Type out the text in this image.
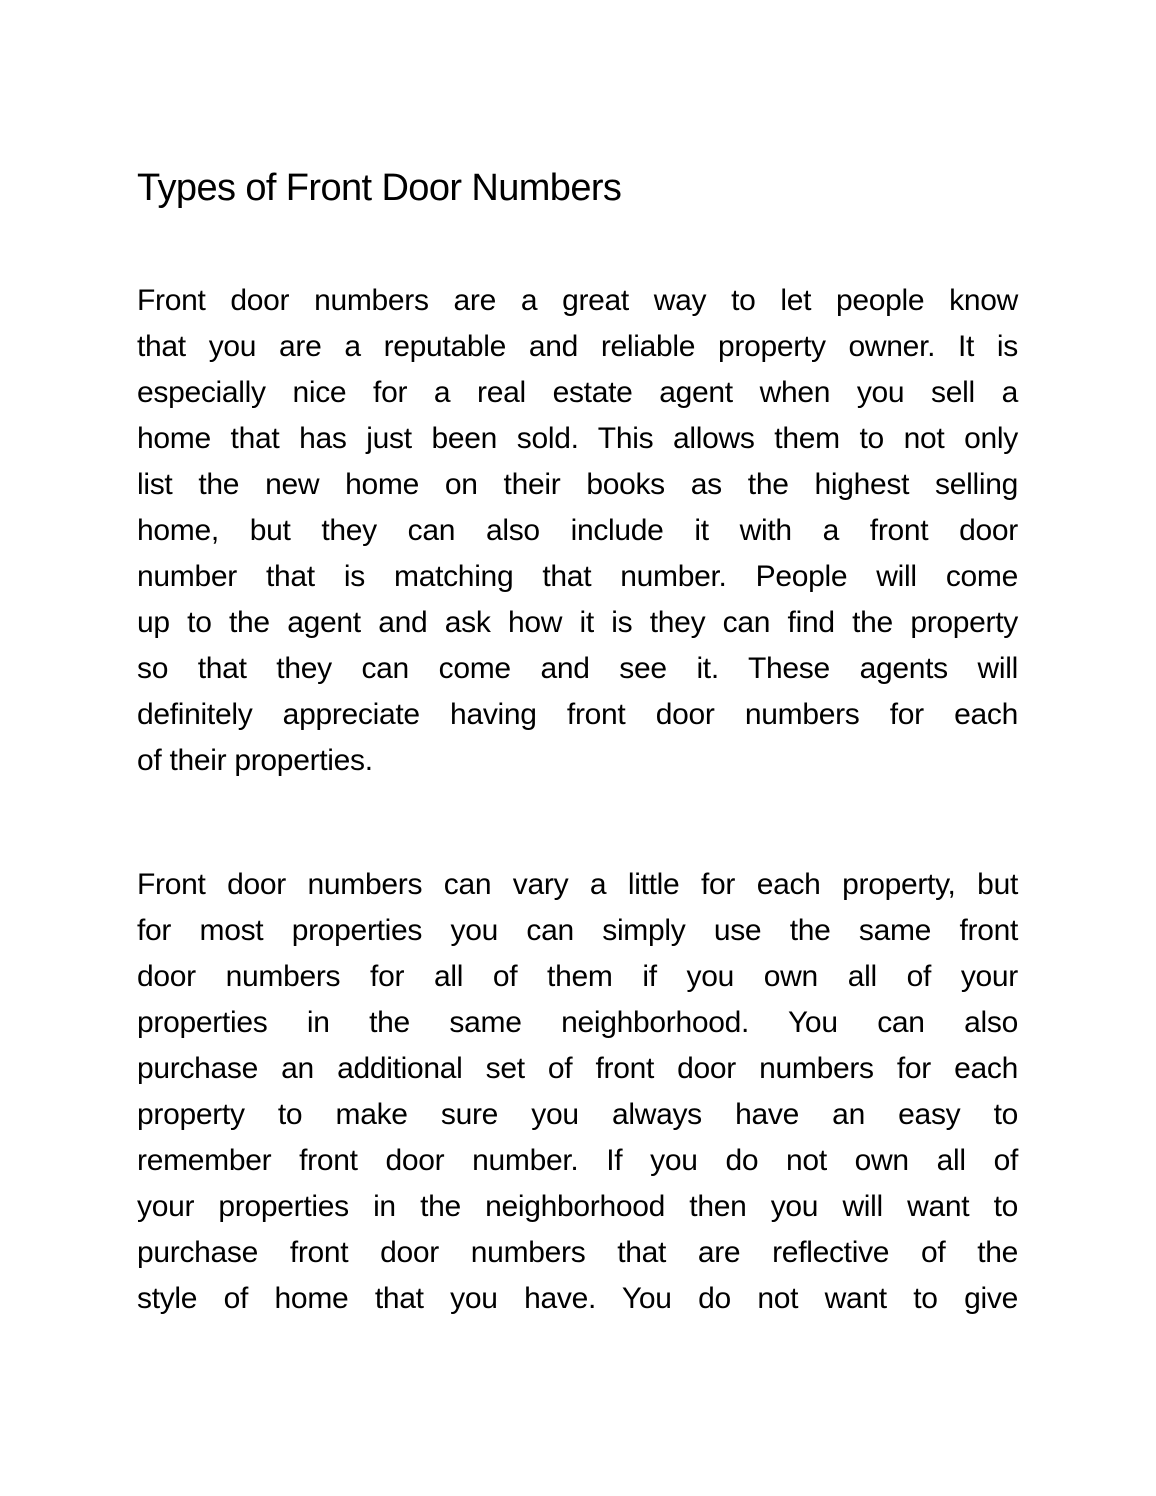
Types of Front Door Numbers
Front door numbers are a great way to let people know
that you are a reputable and reliable property owner. It is
especially nice for a real estate agent when you sell a
home that has just been sold. This allows them to not only
list the new home on their books as the highest selling
home, but they can also include it with a front door
number that is matching that number. People will come
up to the agent and ask how it is they can find the property
so that they can come and see it. These agents will
definitely appreciate having front door numbers for each
of their properties.
Front door numbers can vary a little for each property, but
for most properties you can simply use the same front
door numbers for all of them if you own all of your
properties in the same neighborhood. You can also
purchase an additional set of front door numbers for each
property to make sure you always have an easy to
remember front door number. If you do not own all of
your properties in the neighborhood then you will want to
purchase front door numbers that are reflective of the
style of home that you have. You do not want to give
